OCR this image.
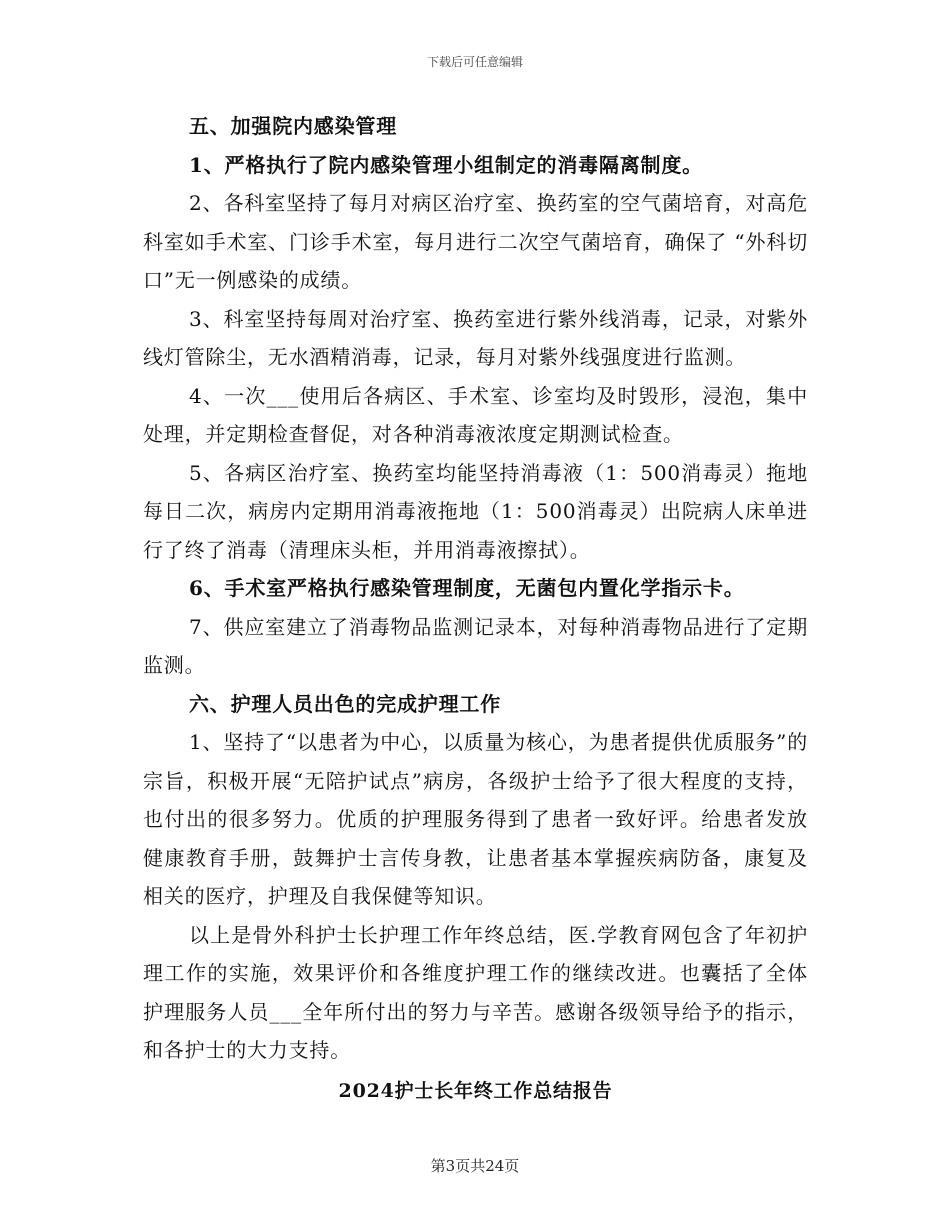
下载后可任意编辑

五、加强院内感染管理

1、严格执行了院内感染管理小组制定的消毒隔离制度。

2、各科室坚持了每月对病区治疗室、换药室的空气菌培育，对高危科室如手术室、门诊手术室，每月进行二次空气菌培育，确保了 “外科切口”无一例感染的成绩。

3、科室坚持每周对治疗室、换药室进行紫外线消毒，记录，对紫外线灯管除尘，无水酒精消毒，记录，每月对紫外线强度进行监测。

4、一次___使用后各病区、手术室、诊室均及时毁形，浸泡，集中处理，并定期检查督促，对各种消毒液浓度定期测试检查。

5、各病区治疗室、换药室均能坚持消毒液（1：500消毒灵）拖地每日二次，病房内定期用消毒液拖地（1：500消毒灵）出院病人床单进行了终了消毒（清理床头柜，并用消毒液擦拭）。

6、手术室严格执行感染管理制度，无菌包内置化学指示卡。

7、供应室建立了消毒物品监测记录本，对每种消毒物品进行了定期监测。

六、护理人员出色的完成护理工作

1、坚持了“以患者为中心，以质量为核心，为患者提供优质服务”的宗旨，积极开展“无陪护试点”病房，各级护士给予了很大程度的支持，也付出的很多努力。优质的护理服务得到了患者一致好评。给患者发放健康教育手册，鼓舞护士言传身教，让患者基本掌握疾病防备，康复及相关的医疗，护理及自我保健等知识。

以上是骨外科护士长护理工作年终总结，医.学教育网包含了年初护理工作的实施，效果评价和各维度护理工作的继续改进。也囊括了全体护理服务人员___全年所付出的努力与辛苦。感谢各级领导给予的指示，和各护士的大力支持。

2024护士长年终工作总结报告

第3页共24页
